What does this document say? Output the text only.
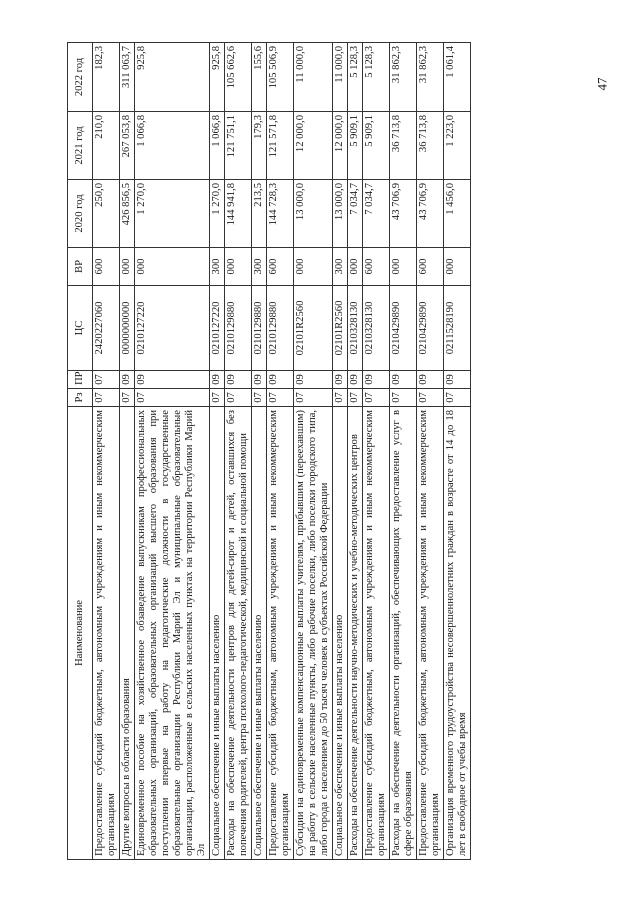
47
Наименование	Рз	ПР	ЦС	ВР	2020 год	2021 год	2022 год
Предоставление субсидий бюджетным, автономным учреждениям и иным некоммерческим организациям	07	07	2420227060	600	250,0	210,0	182,3
Другие вопросы в области образования	07	09	0000000000	000	426 856,5	267 053,8	311 063,7
Единовременное пособие на хозяйственное обзаведение выпускникам профессиональных образовательных организаций, образовательных организаций высшего образования при поступлении впервые на работу на педагогические должности в государственные образовательные организации Республики Марий Эл и муниципальные образовательные организации, расположенные в сельских населенных пунктах на территории Республики Марий Эл	07	09	0210127220	000	1 270,0	1 066,8	925,8
Социальное обеспечение и иные выплаты населению	07	09	0210127220	300	1 270,0	1 066,8	925,8
Расходы на обеспечение деятельности центров для детей-сирот и детей, оставшихся без попечения родителей, центра психолого-педагогической, медицинской и социальной помощи	07	09	0210129880	000	144 941,8	121 751,1	105 662,6
Социальное обеспечение и иные выплаты населению	07	09	0210129880	300	213,5	179,3	155,6
Предоставление субсидий бюджетным, автономным учреждениям и иным некоммерческим организациям	07	09	0210129880	600	144 728,3	121 571,8	105 506,9
Субсидии на единовременные компенсационные выплаты учителям, прибывшим (переехавшим) на работу в сельские населенные пункты, либо рабочие поселки, либо поселки городского типа, либо города с населением до 50 тысяч человек в субъектах Российской Федерации	07	09	02101R2560	000	13 000,0	12 000,0	11 000,0
Социальное обеспечение и иные выплаты населению	07	09	02101R2560	300	13 000,0	12 000,0	11 000,0
Расходы на обеспечение деятельности научно-методических и учебно-методических центров	07	09	0210328130	000	7 034,7	5 909,1	5 128,3
Предоставление субсидий бюджетным, автономным учреждениям и иным некоммерческим организациям	07	09	0210328130	600	7 034,7	5 909,1	5 128,3
Расходы на обеспечение деятельности организаций, обеспечивающих предоставление услуг в сфере образования	07	09	0210429890	000	43 706,9	36 713,8	31 862,3
Предоставление субсидий бюджетным, автономным учреждениям и иным некоммерческим организациям	07	09	0210429890	600	43 706,9	36 713,8	31 862,3
Организация временного трудоустройства несовершеннолетних граждан в возрасте от 14 до 18 лет в свободное от учебы время	07	09	0211528190	000	1 456,0	1 223,0	1 061,4
